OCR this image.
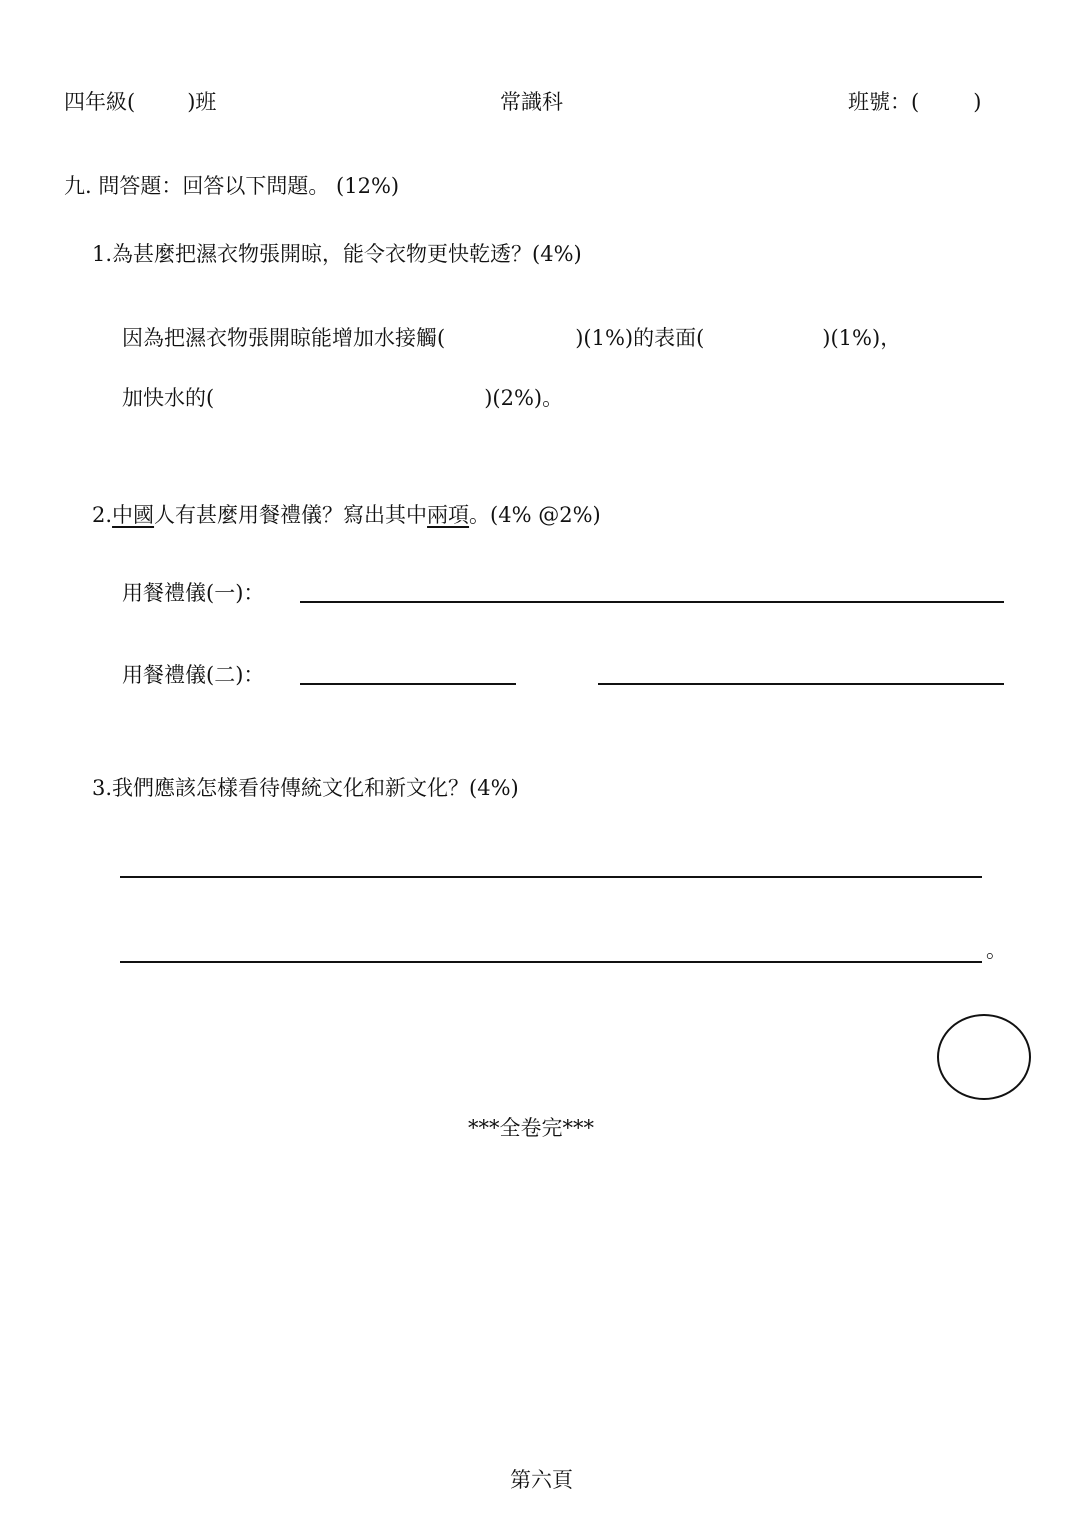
四年級( )班	常識科	班號：(	)
九. 問答題：回答以下問題。 (12%)
1.為甚麼把濕衣物張開晾，能令衣物更快乾透？(4%)
因為把濕衣物張開晾能增加水接觸(	)(1%)的表面(	)(1%)，
加快水的(	)(2%)。
2.中國人有甚麼用餐禮儀？寫出其中兩項。(4% @2%)
用餐禮儀(一)：
用餐禮儀(二)：
3.我們應該怎樣看待傳統文化和新文化？(4%)
。
***全卷完***
第六頁
